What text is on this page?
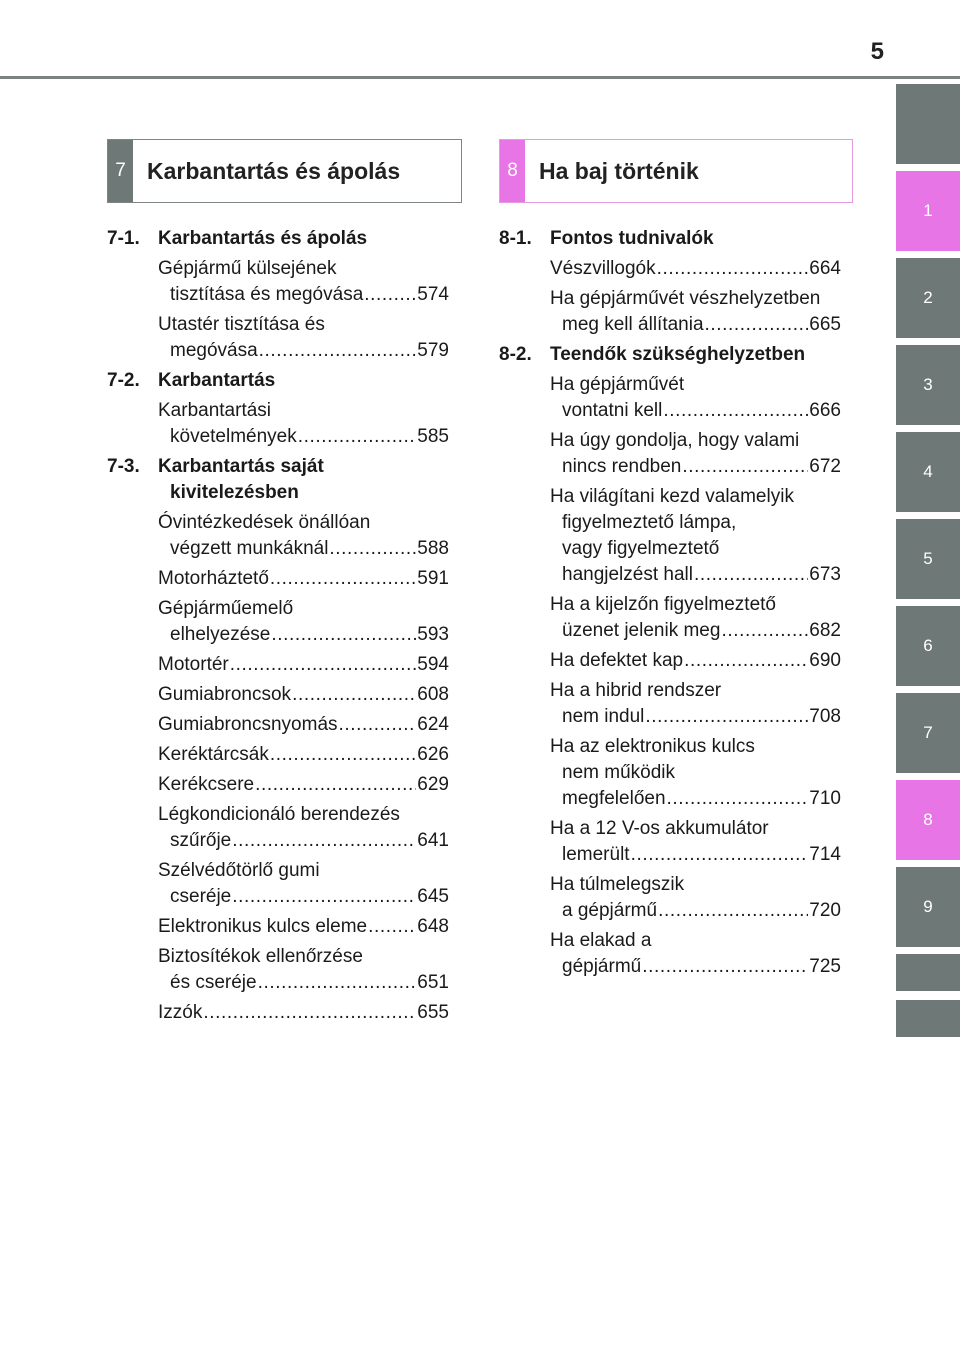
5
1
2
3
4
5
6
7
8
9
7 Karbantartás és ápolás	8 Ha baj történik
7-1. Karbantartás és ápolás
Gépjármű külsejének
tisztítása és megóvása .....	574
Utastér tisztítása és
megóvása .....	579
7-2. Karbantartás
Karbantartási
követelmények .....	585
7-3. Karbantartás saját
kivitelezésben
Óvintézkedések önállóan
végzett munkáknál .....	588
Motorháztető .....	591
Gépjárműemelő
elhelyezése .....	593
Motortér .....	594
Gumiabroncsok .....	608
Gumiabroncsnyomás .....	624
Keréktárcsák .....	626
Kerékcsere .....	629
Légkondicionáló berendezés
szűrője .....	641
Szélvédőtörlő gumi
cseréje .....	645
Elektronikus kulcs eleme .....	648
Biztosítékok ellenőrzése
és cseréje .....	651
Izzók .....	655
8-1. Fontos tudnivalók
Vészvillogók .....	664
Ha gépjárművét vészhelyzetben
meg kell állítania .....	665
8-2. Teendők szükséghelyzetben
Ha gépjárművét
vontatni kell .....	666
Ha úgy gondolja, hogy valami
nincs rendben .....	672
Ha világítani kezd valamelyik
figyelmeztető lámpa,
vagy figyelmeztető
hangjelzést hall .....	673
Ha a kijelzőn figyelmeztető
üzenet jelenik meg .....	682
Ha defektet kap .....	690
Ha a hibrid rendszer
nem indul .....	708
Ha az elektronikus kulcs
nem működik
megfelelően .....	710
Ha a 12 V-os akkumulátor
lemerült .....	714
Ha túlmelegszik
a gépjármű .....	720
Ha elakad a
gépjármű .....	725
